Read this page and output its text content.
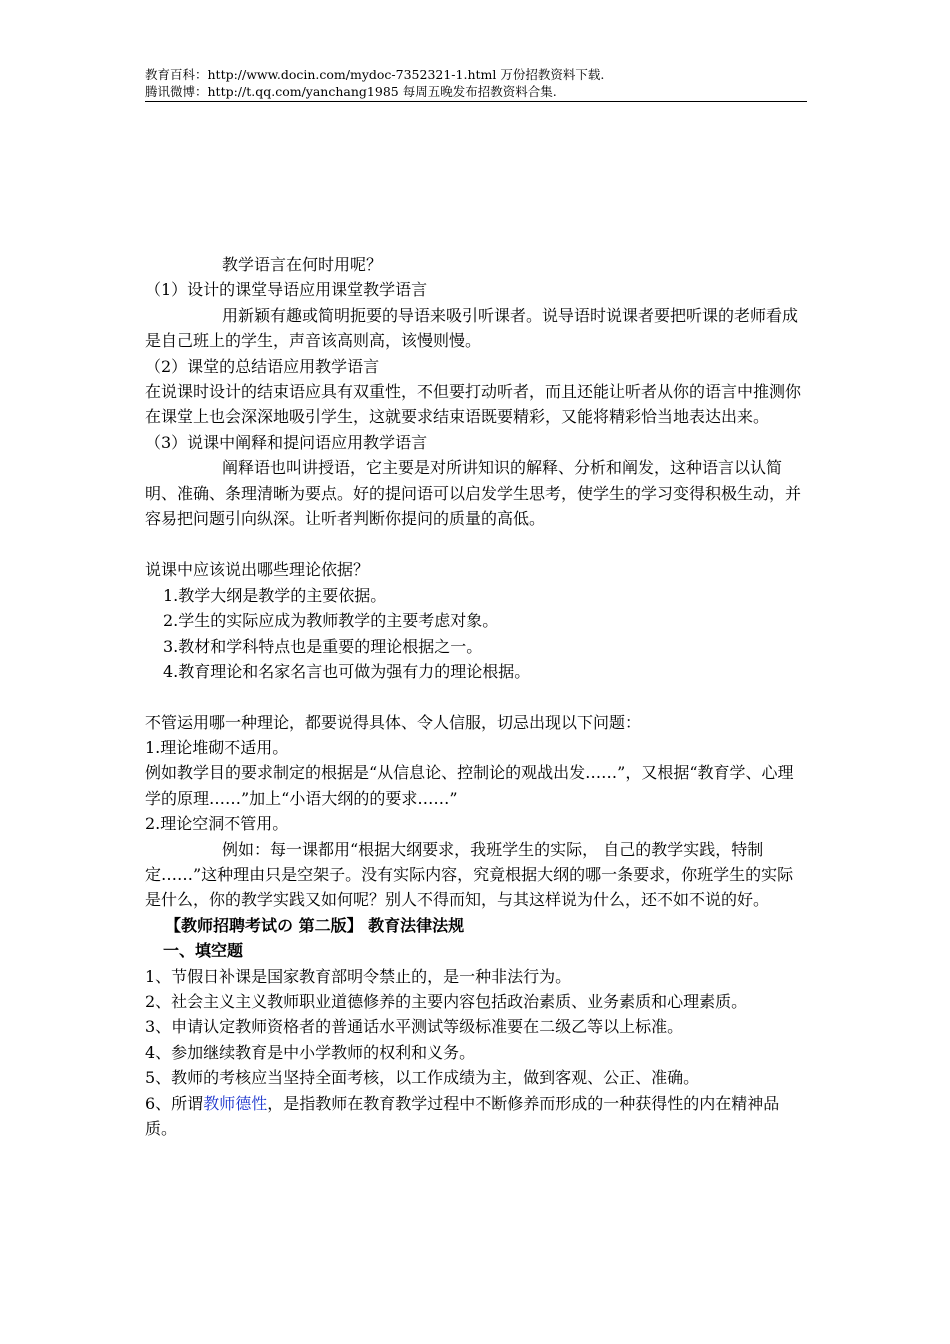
教育百科：http://www.docin.com/mydoc-7352321-1.html 万份招教资料下载.
腾讯微博：http://t.qq.com/yanchang1985 每周五晚发布招教资料合集.

教学语言在何时用呢？

（1）设计的课堂导语应用课堂教学语言

用新颖有趣或简明扼要的导语来吸引听课者。说导语时说课者要把听课的老师看成是自己班上的学生，声音该高则高，该慢则慢。

（2）课堂的总结语应用教学语言

在说课时设计的结束语应具有双重性，不但要打动听者，而且还能让听者从你的语言中推测你在课堂上也会深深地吸引学生，这就要求结束语既要精彩，又能将精彩恰当地表达出来。

（3）说课中阐释和提问语应用教学语言

阐释语也叫讲授语，它主要是对所讲知识的解释、分析和阐发，这种语言以认简明、准确、条理清晰为要点。好的提问语可以启发学生思考，使学生的学习变得积极生动，并容易把问题引向纵深。让听者判断你提问的质量的高低。

说课中应该说出哪些理论依据？

1.教学大纲是教学的主要依据。

2.学生的实际应成为教师教学的主要考虑对象。

3.教材和学科特点也是重要的理论根据之一。

4.教育理论和名家名言也可做为强有力的理论根据。

不管运用哪一种理论，都要说得具体、令人信服，切忌出现以下问题：

1.理论堆砌不适用。

例如教学目的要求制定的根据是“从信息论、控制论的观战出发……”，又根据“教育学、心理学的原理……”加上“小语大纲的的要求……”

2.理论空洞不管用。

例如：每一课都用“根据大纲要求，我班学生的实际， 自己的教学实践，特制定……”这种理由只是空架子。没有实际内容，究竟根据大纲的哪一条要求，你班学生的实际是什么，你的教学实践又如何呢？别人不得而知，与其这样说为什么，还不如不说的好。

【教师招聘考试の 第二版】 教育法律法规

一、填空题

1、节假日补课是国家教育部明令禁止的，是一种非法行为。

2、社会主义主义教师职业道德修养的主要内容包括政治素质、业务素质和心理素质。

3、申请认定教师资格者的普通话水平测试等级标准要在二级乙等以上标准。

4、参加继续教育是中小学教师的权利和义务。

5、教师的考核应当坚持全面考核，以工作成绩为主，做到客观、公正、准确。

6、所谓教师德性，是指教师在教育教学过程中不断修养而形成的一种获得性的内在精神品质。
